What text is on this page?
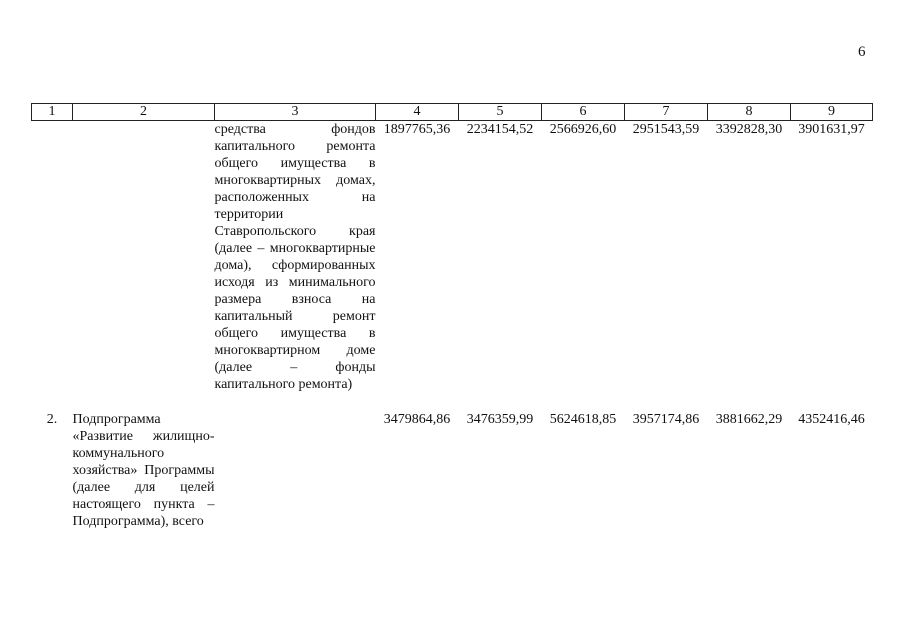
6
1	2	3	4	5	6	7	8	9
		средства фондов капитального ремонта общего имущества в многоквартирных домах, расположенных на территории Ставропольского края (далее – многоквартирные дома), сформированных исходя из минимального размера взноса на капитальный ремонт общего имущества в многоквартирном доме (далее – фонды капитального ремонта)	1897765,36	2234154,52	2566926,60	2951543,59	3392828,30	3901631,97
2.	Подпрограмма «Развитие жилищно-коммунального хозяйства» Программы (далее для целей настоящего пункта – Подпрограмма), всего		3479864,86	3476359,99	5624618,85	3957174,86	3881662,29	4352416,46
